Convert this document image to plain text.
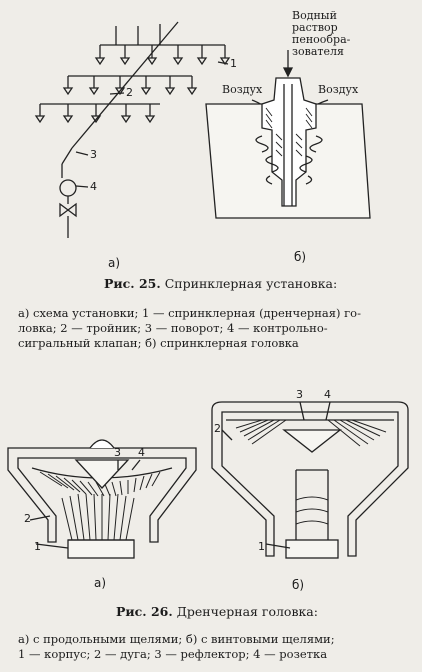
1
2
3
4
а)
Водный
раствор
пенообра-
зователя
Воздух	Воздух
б)
Рис. 25. Спринклерная установка:
а) схема установки; 1 — спринклерная (дренчерная) го-
ловка; 2 — тройник; 3 — поворот; 4 — контрольно-
сигральный клапан; б) спринклерная головка
1
2
3 4
а)
1
2
3 4
б)
Рис. 26. Дренчерная головка:
а) с продольными щелями; б) с винтовыми щелями;
1 — корпус; 2 — дуга; 3 — рефлектор; 4 — розетка
